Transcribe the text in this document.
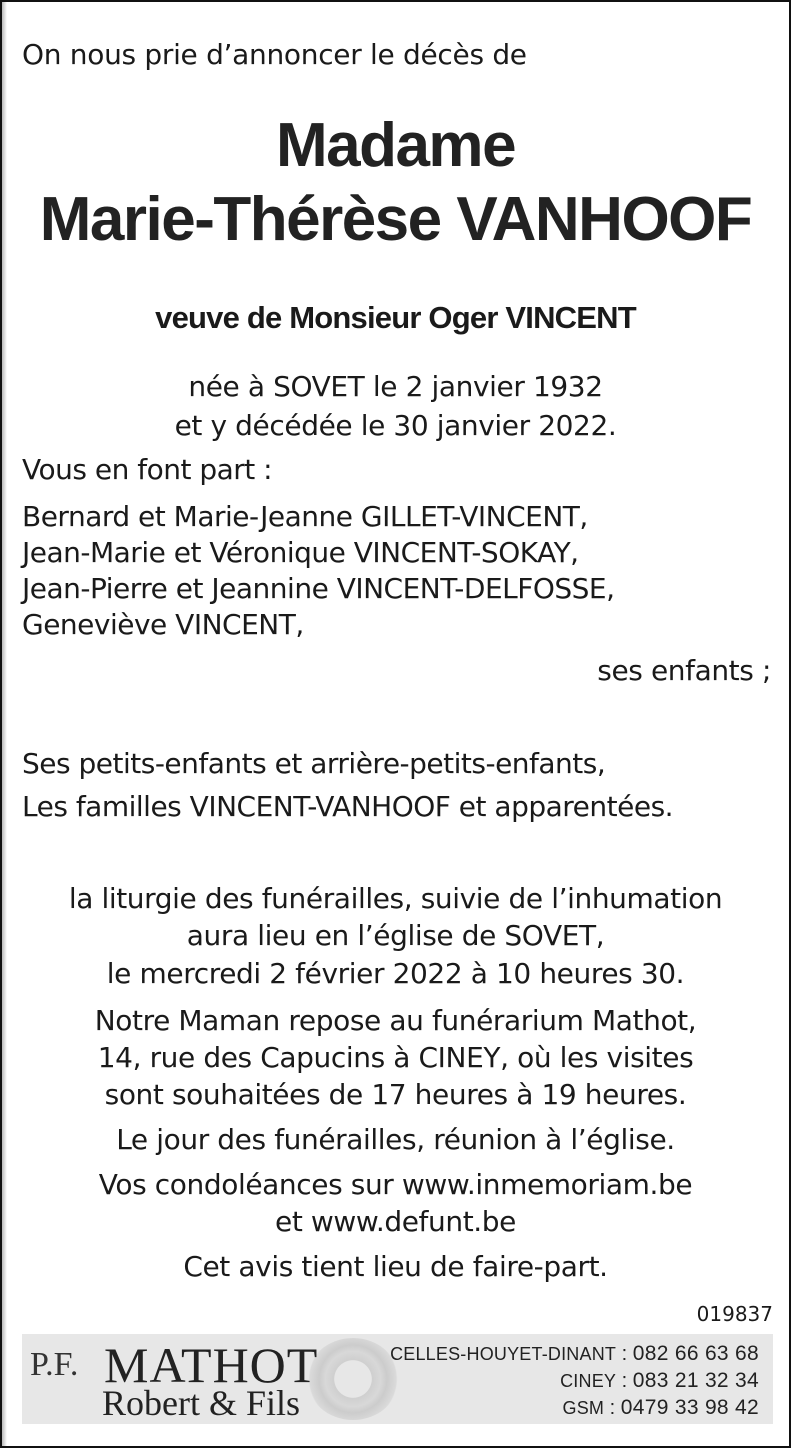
On nous prie d’annoncer le décès de
Madame
Marie-Thérèse VANHOOF
veuve de Monsieur Oger VINCENT
née à SOVET le 2 janvier 1932
et y décédée le 30 janvier 2022.
Vous en font part :
Bernard et Marie-Jeanne GILLET-VINCENT,
Jean-Marie et Véronique VINCENT-SOKAY,
Jean-Pierre et Jeannine VINCENT-DELFOSSE,
Geneviève VINCENT,
ses enfants ;
Ses petits-enfants et arrière-petits-enfants,
Les familles VINCENT-VANHOOF et apparentées.
la liturgie des funérailles, suivie de l’inhumation
aura lieu en l’église de SOVET,
le mercredi 2 février 2022 à 10 heures 30.
Notre Maman repose au funérarium Mathot,
14, rue des Capucins à CINEY, où les visites
sont souhaitées de 17 heures à 19 heures.
Le jour des funérailles, réunion à l’église.
Vos condoléances sur www.inmemoriam.be
et www.defunt.be
Cet avis tient lieu de faire-part.
019837
P.F. MATHOT
Robert & Fils
CELLES-HOUYET-DINANT : 082 66 63 68
CINEY : 083 21 32 34
GSM : 0479 33 98 42
